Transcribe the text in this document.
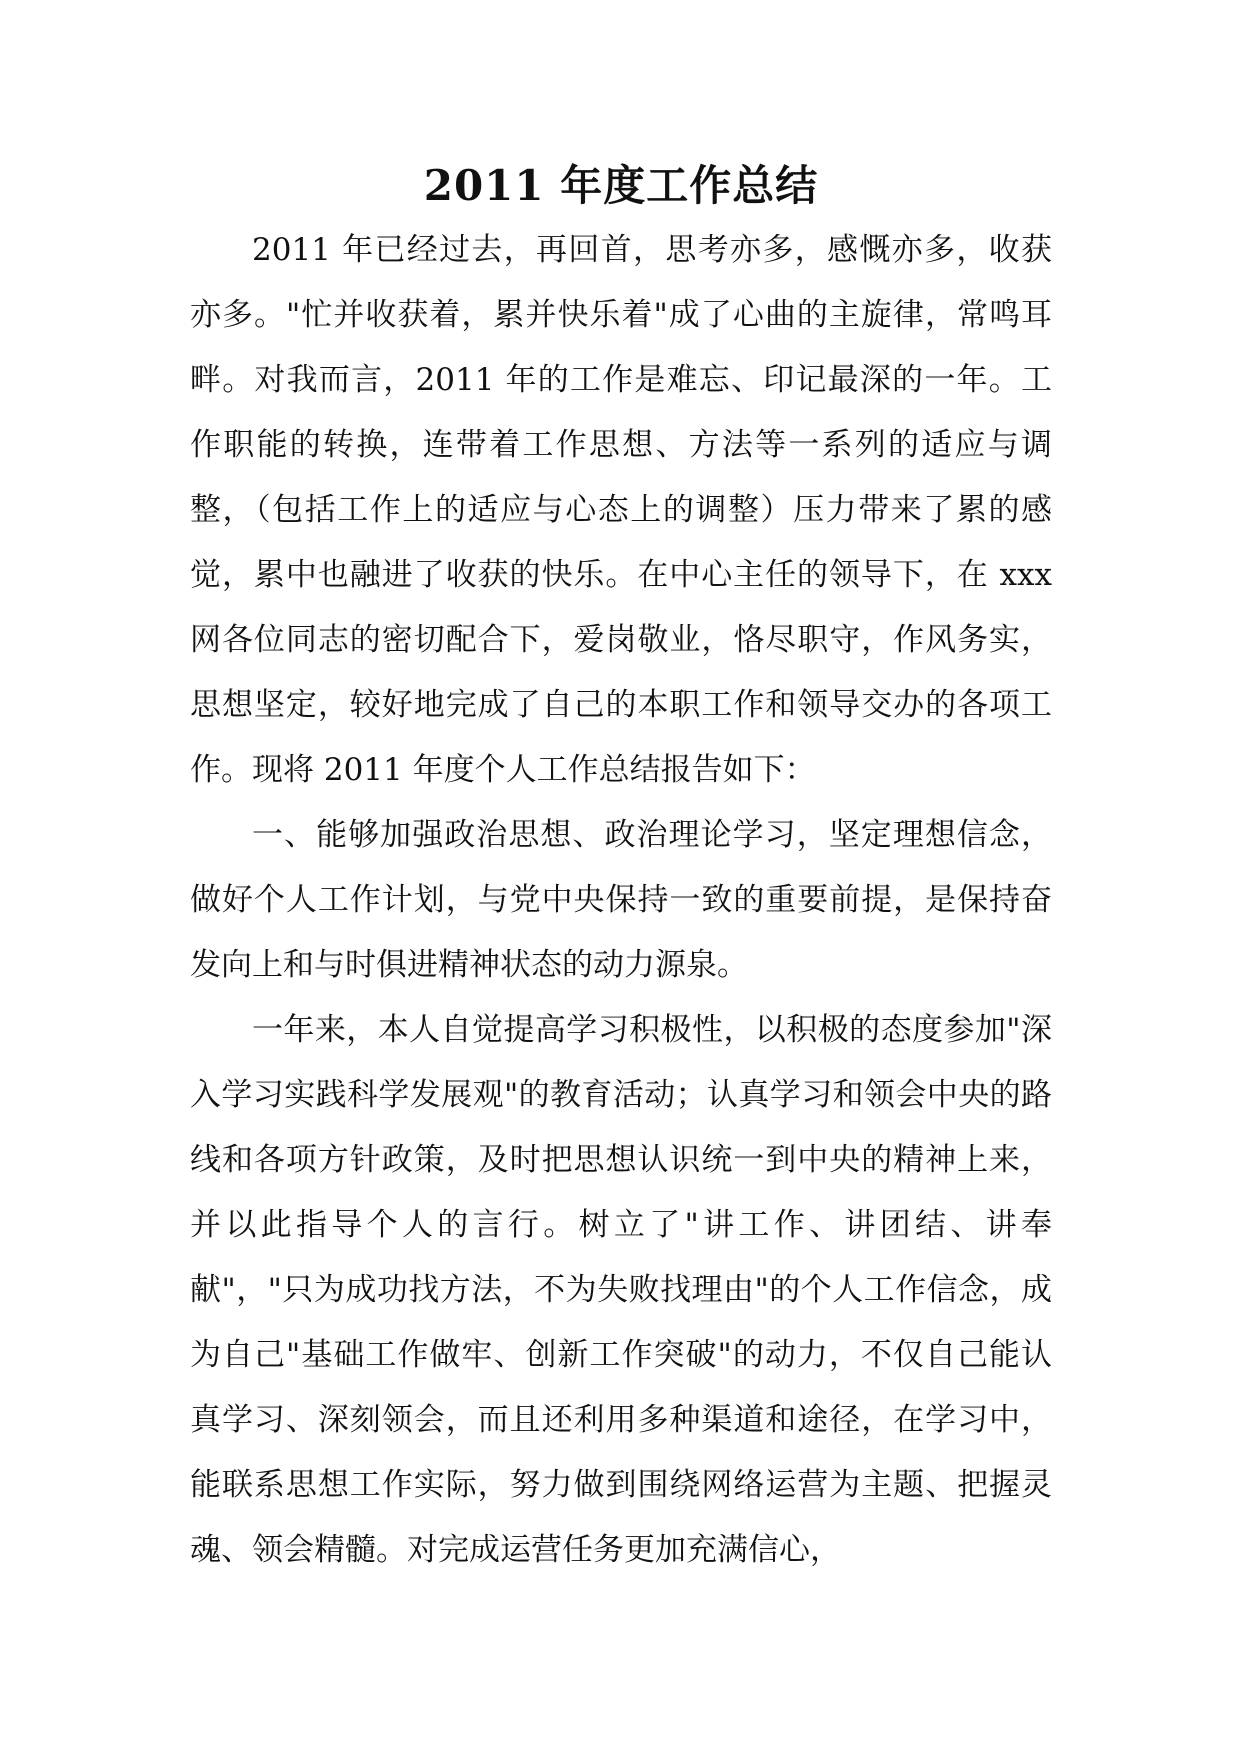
2011 年度工作总结

2011 年已经过去，再回首，思考亦多，感慨亦多，收获亦多。"忙并收获着，累并快乐着"成了心曲的主旋律，常鸣耳畔。对我而言，2011 年的工作是难忘、印记最深的一年。工作职能的转换，连带着工作思想、方法等一系列的适应与调整，（包括工作上的适应与心态上的调整）压力带来了累的感觉，累中也融进了收获的快乐。在中心主任的领导下，在 xxx 网各位同志的密切配合下，爱岗敬业，恪尽职守，作风务实，思想坚定，较好地完成了自己的本职工作和领导交办的各项工作。现将 2011 年度个人工作总结报告如下：

一、能够加强政治思想、政治理论学习，坚定理想信念，做好个人工作计划，与党中央保持一致的重要前提，是保持奋发向上和与时俱进精神状态的动力源泉。

一年来，本人自觉提高学习积极性，以积极的态度参加"深入学习实践科学发展观"的教育活动；认真学习和领会中央的路线和各项方针政策，及时把思想认识统一到中央的精神上来，并以此指导个人的言行。树立了"讲工作、讲团结、讲奉献"，"只为成功找方法，不为失败找理由"的个人工作信念，成为自己"基础工作做牢、创新工作突破"的动力，不仅自己能认真学习、深刻领会，而且还利用多种渠道和途径，在学习中，能联系思想工作实际，努力做到围绕网络运营为主题、把握灵魂、领会精髓。对完成运营任务更加充满信心，
